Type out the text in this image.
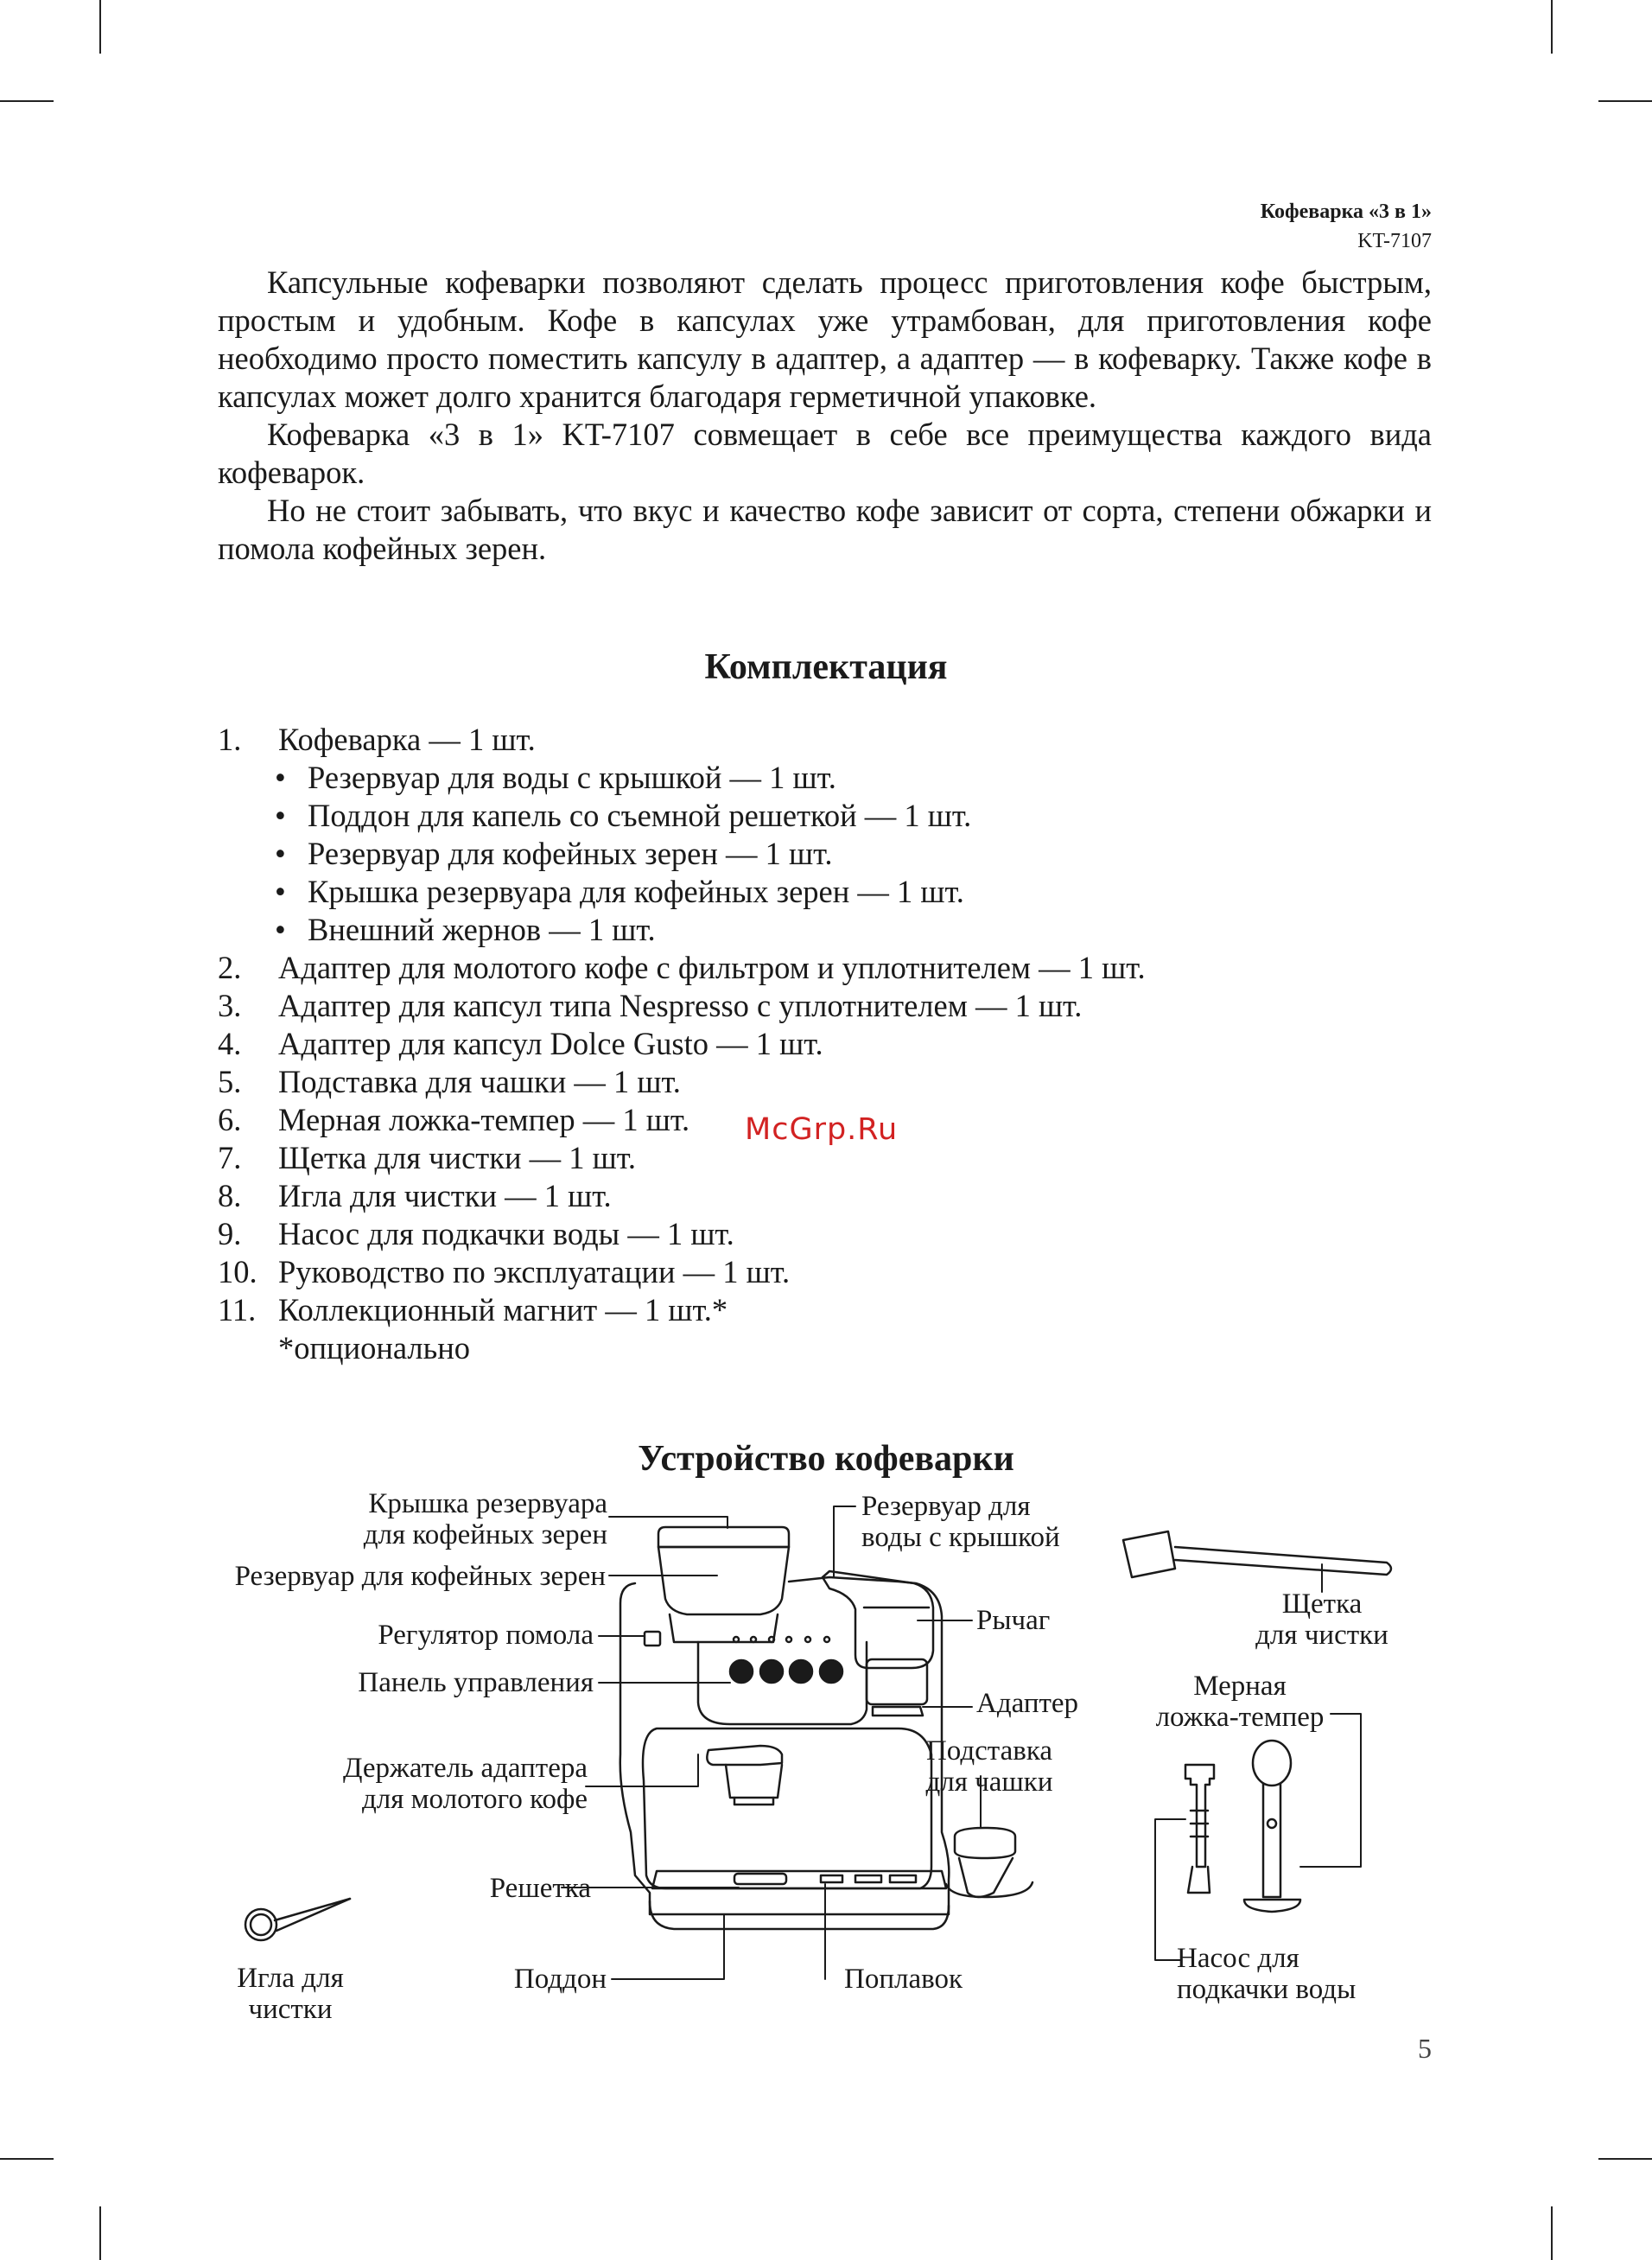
Кофеварка «3 в 1»
KT-7107

Капсульные кофеварки позволяют сделать процесс приготовления кофе быстрым, простым и удобным. Кофе в капсулах уже утрамбован, для приготовления кофе необходимо просто поместить капсулу в адаптер, а адаптер — в кофеварку. Также кофе в капсулах может долго хранится благодаря герметичной упаковке.

Кофеварка «3 в 1» KT-7107 совмещает в себе все преимущества каждого вида кофеварок.

Но не стоит забывать, что вкус и качество кофе зависит от сорта, степени обжарки и помола кофейных зерен.

Комплектация
1. Кофеварка — 1 шт.
• Резервуар для воды с крышкой — 1 шт.
• Поддон для капель со съемной решеткой — 1 шт.
• Резервуар для кофейных зерен — 1 шт.
• Крышка резервуара для кофейных зерен — 1 шт.
• Внешний жернов — 1 шт.
2. Адаптер для молотого кофе с фильтром и уплотнителем — 1 шт.
3. Адаптер для капсул типа Nespresso с уплотнителем — 1 шт.
4. Адаптер для капсул Dolce Gusto — 1 шт.
5. Подставка для чашки — 1 шт.
6. Мерная ложка-темпер — 1 шт.
7. Щетка для чистки — 1 шт.
8. Игла для чистки — 1 шт.
9. Насос для подкачки воды — 1 шт.
10. Руководство по эксплуатации — 1 шт.
11. Коллекционный магнит — 1 шт.*
*опционально
McGrp.Ru
Устройство кофеварки
Крышка резервуара
для кофейных зерен
Резервуар для кофейных зерен
Регулятор помола
Панель управления
Держатель адаптера
для молотого кофе
Решетка
Поддон	Поплавок
Игла для
чистки
Резервуар для
воды с крышкой
Рычаг
Адаптер
Подставка
для чашки
Щетка
для чистки
Мерная
ложка-темпер
Насос для
подкачки воды
5
